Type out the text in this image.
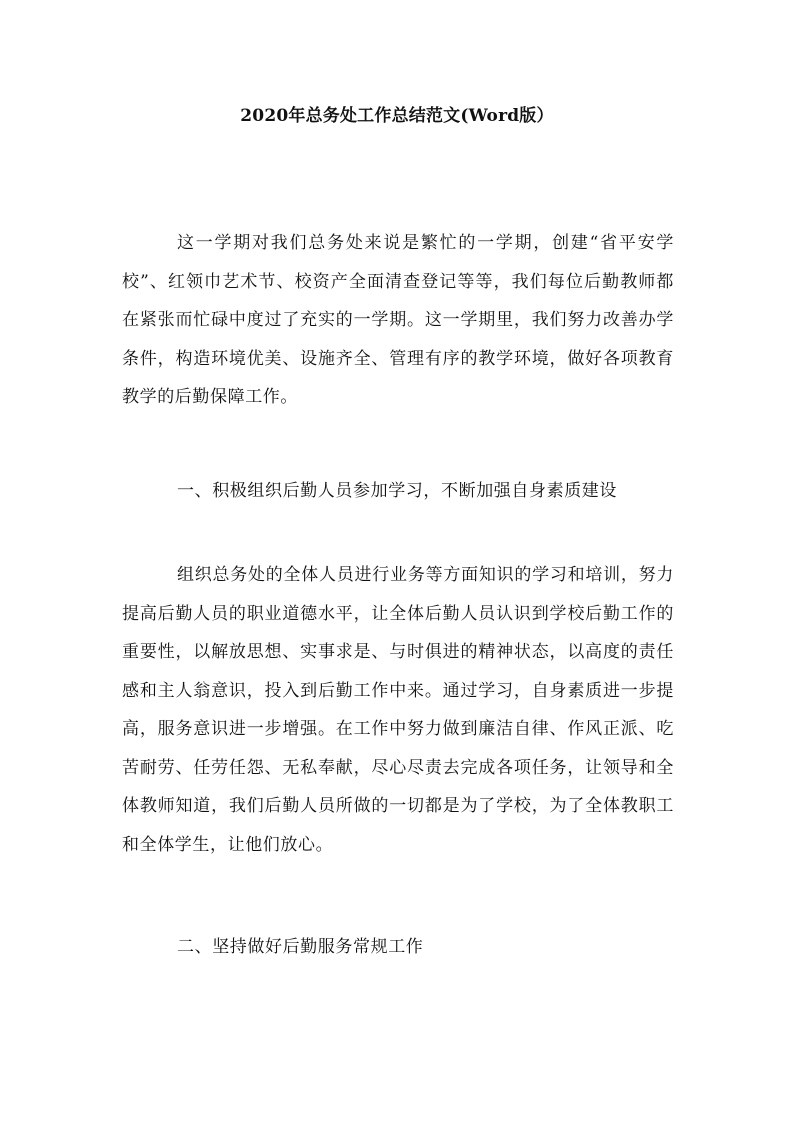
2020年总务处工作总结范文(Word版）
这一学期对我们总务处来说是繁忙的一学期，创建“省平安学校”、红领巾艺术节、校资产全面清查登记等等，我们每位后勤教师都在紧张而忙碌中度过了充实的一学期。这一学期里，我们努力改善办学条件，构造环境优美、设施齐全、管理有序的教学环境，做好各项教育教学的后勤保障工作。
一、积极组织后勤人员参加学习，不断加强自身素质建设
组织总务处的全体人员进行业务等方面知识的学习和培训，努力提高后勤人员的职业道德水平，让全体后勤人员认识到学校后勤工作的重要性，以解放思想、实事求是、与时俱进的精神状态，以高度的责任感和主人翁意识，投入到后勤工作中来。通过学习，自身素质进一步提高，服务意识进一步增强。在工作中努力做到廉洁自律、作风正派、吃苦耐劳、任劳任怨、无私奉献，尽心尽责去完成各项任务，让领导和全体教师知道，我们后勤人员所做的一切都是为了学校，为了全体教职工和全体学生，让他们放心。
二、坚持做好后勤服务常规工作
